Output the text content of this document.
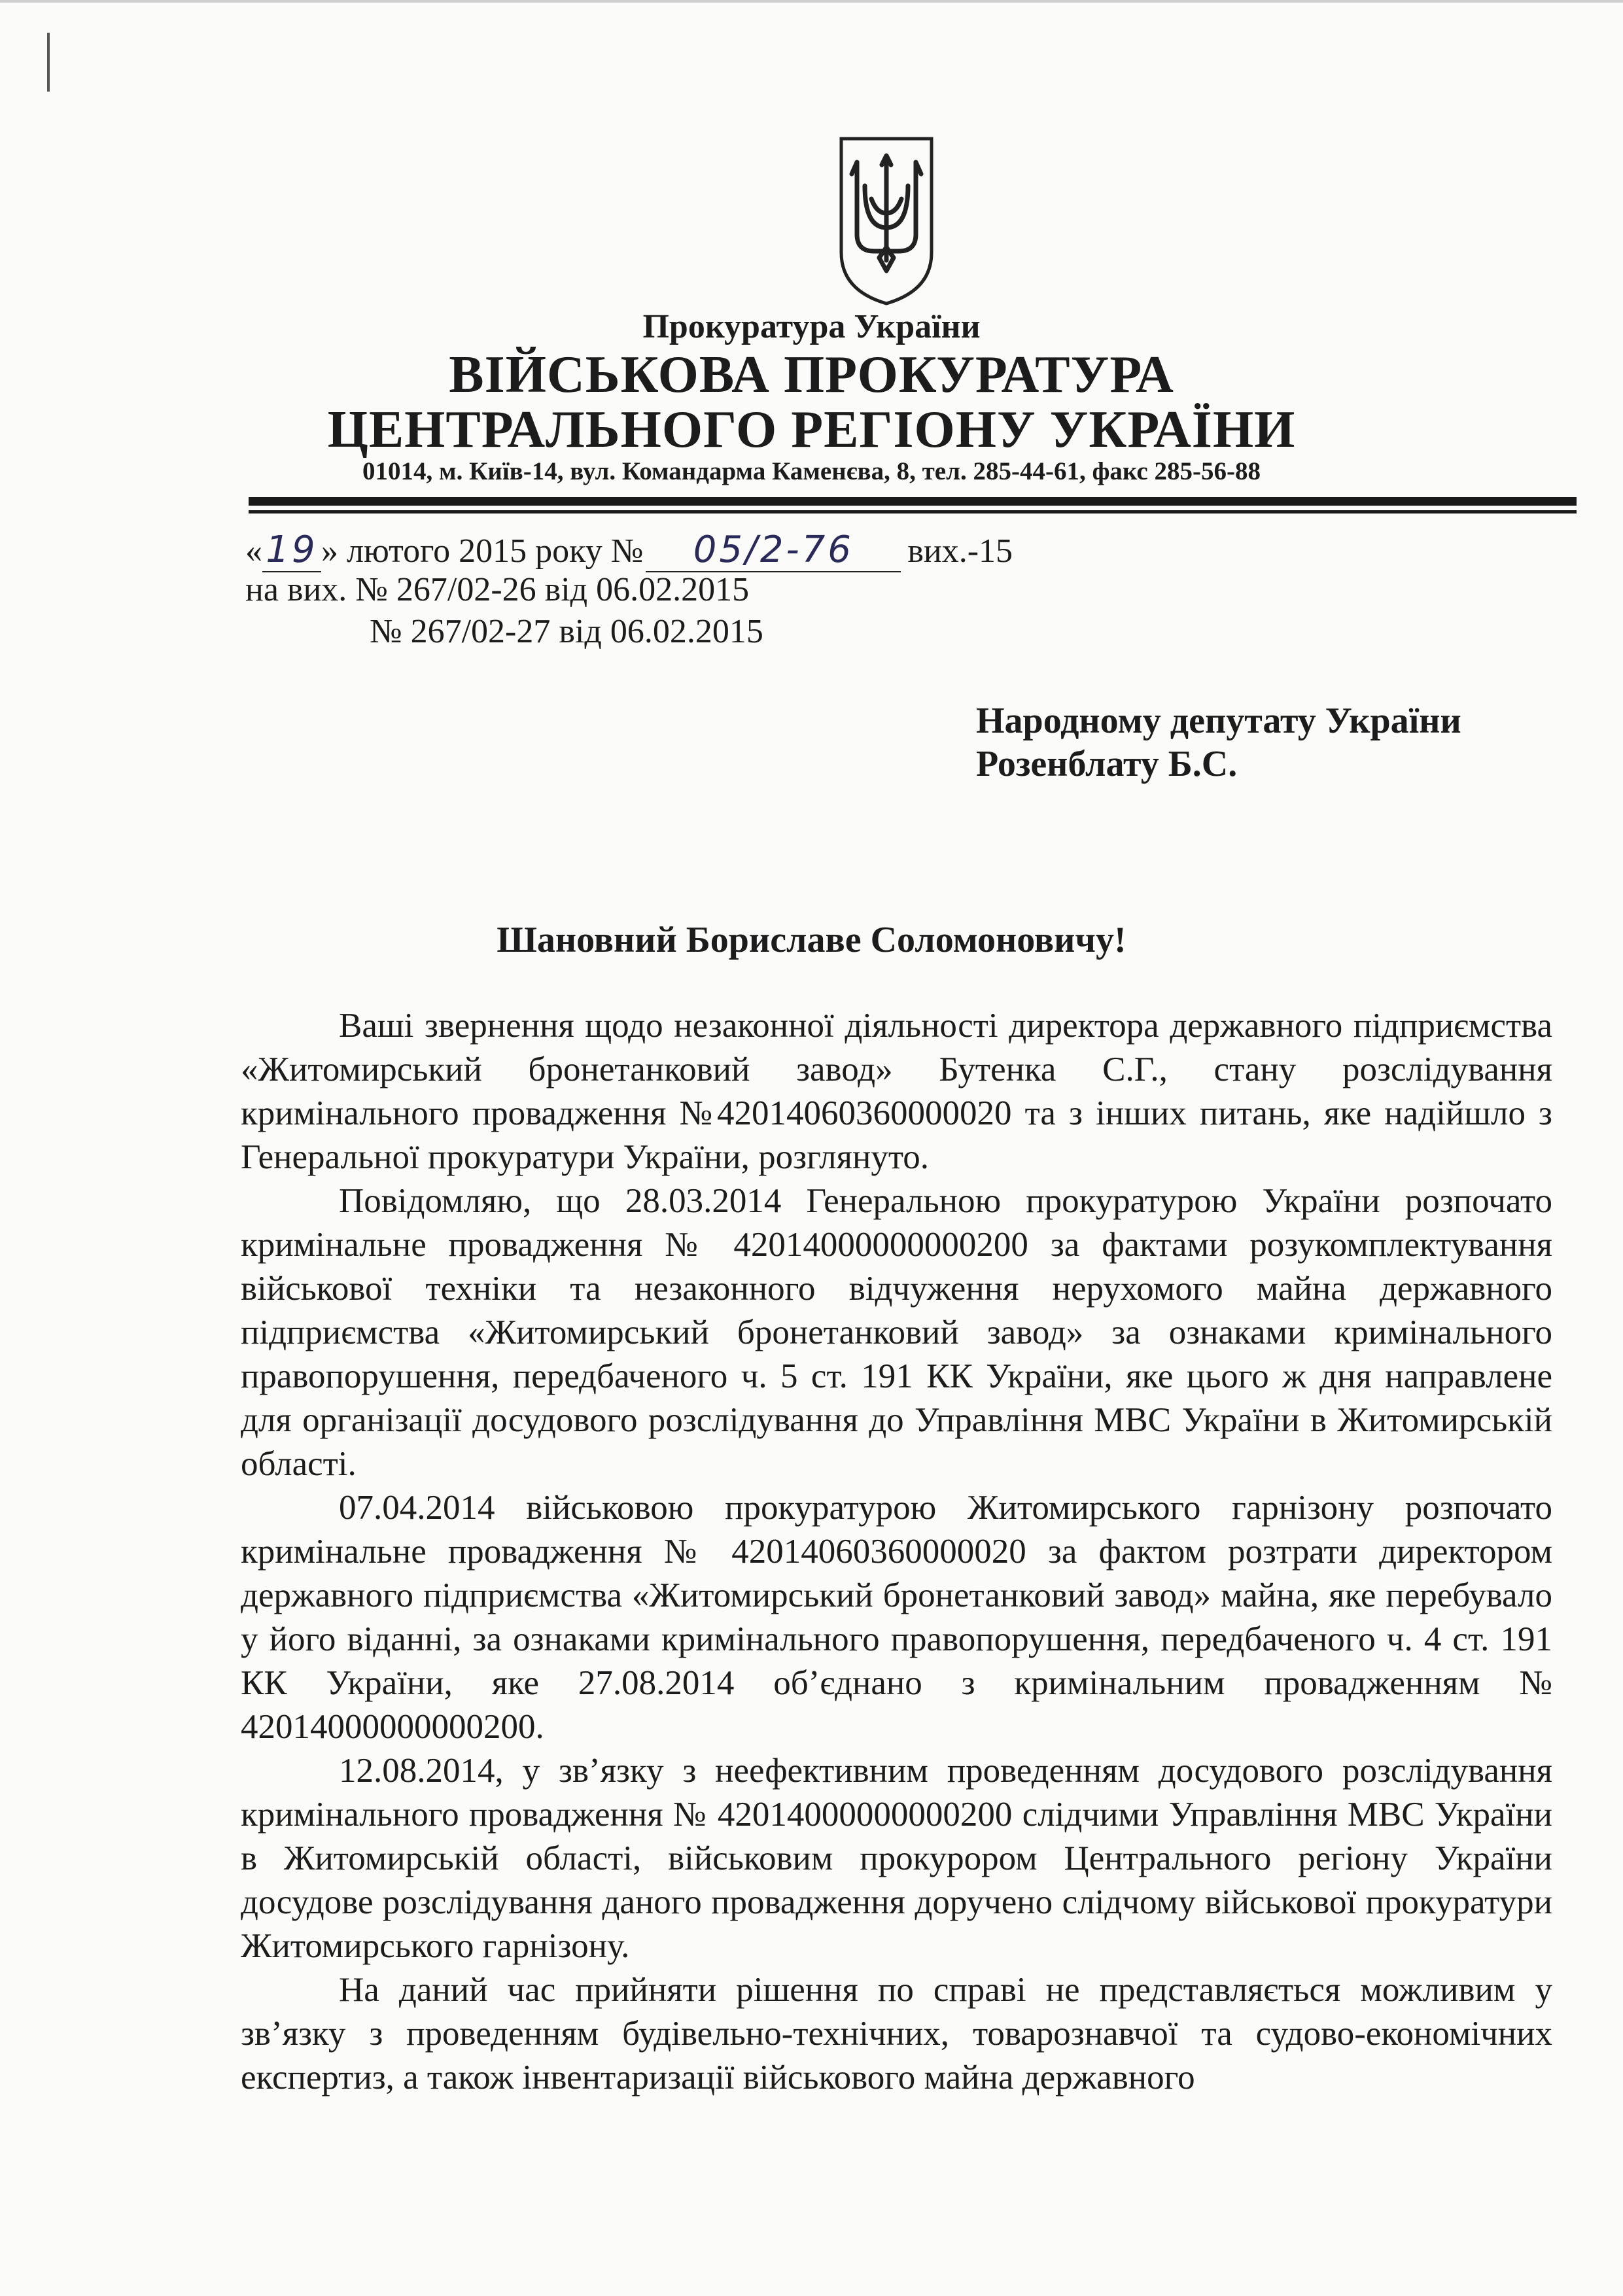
Прокуратура України
ВІЙСЬКОВА ПРОКУРАТУРА
ЦЕНТРАЛЬНОГО РЕГІОНУ УКРАЇНИ
01014, м. Київ-14, вул. Командарма Каменєва, 8, тел. 285-44-61, факс 285-56-88
«19 » лютого 2015 року № 05/2-76 вих.-15
на вих. № 267/02-26 від 06.02.2015
№ 267/02-27 від 06.02.2015
Народному депутату України
Розенблату Б.С.
Шановний Бориславе Соломоновичу!

Ваші звернення щодо незаконної діяльності директора державного підприємства «Житомирський бронетанковий завод» Бутенка С.Г., стану розслідування кримінального провадження №42014060360000020 та з інших питань, яке надійшло з Генеральної прокуратури України, розглянуто.

Повідомляю, що 28.03.2014 Генеральною прокуратурою України розпочато кримінальне провадження № 42014000000000200 за фактами розукомплектування військової техніки та незаконного відчуження нерухомого майна державного підприємства «Житомирський бронетанковий завод» за ознаками кримінального правопорушення, передбаченого ч. 5 ст. 191 КК України, яке цього ж дня направлене для організації досудового розслідування до Управління МВС України в Житомирській області.

07.04.2014 військовою прокуратурою Житомирського гарнізону розпочато кримінальне провадження № 42014060360000020 за фактом розтрати директором державного підприємства «Житомирський бронетанковий завод» майна, яке перебувало у його віданні, за ознаками кримінального правопорушення, передбаченого ч. 4 ст. 191 КК України, яке 27.08.2014 об’єднано з кримінальним провадженням № 42014000000000200.

12.08.2014, у зв’язку з неефективним проведенням досудового розслідування кримінального провадження № 42014000000000200 слідчими Управління МВС України в Житомирській області, військовим прокурором Центрального регіону України досудове розслідування даного провадження доручено слідчому військової прокуратури Житомирського гарнізону.

На даний час прийняти рішення по справі не представляється можливим у зв’язку з проведенням будівельно-технічних, товарознавчої та судово-економічних експертиз, а також інвентаризації військового майна державного
